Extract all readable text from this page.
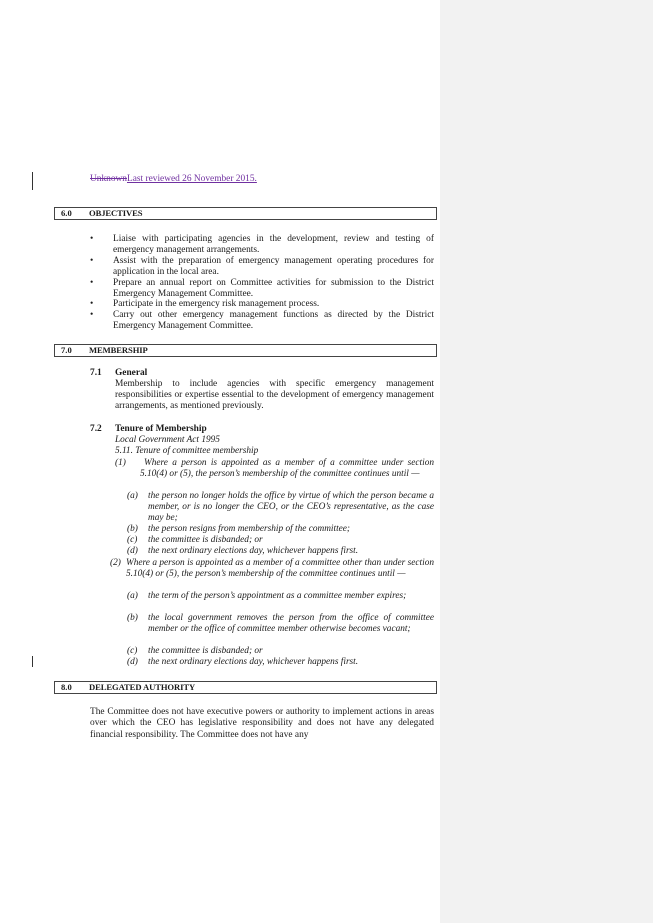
UnknownLast reviewed 26 November 2015.
6.0 OBJECTIVES
• Liaise with participating agencies in the development, review and testing of emergency management arrangements.
• Assist with the preparation of emergency management operating procedures for application in the local area.
• Prepare an annual report on Committee activities for submission to the District Emergency Management Committee.
• Participate in the emergency risk management process.
• Carry out other emergency management functions as directed by the District Emergency Management Committee.
7.0 MEMBERSHIP
7.1 General
Membership to include agencies with specific emergency management responsibilities or expertise essential to the development of emergency management arrangements, as mentioned previously.
7.2 Tenure of Membership
Local Government Act 1995
5.11. Tenure of committee membership
(1)	Where a person is appointed as a member of a committee under section 5.10(4) or (5), the person’s membership of the committee continues until —
(a) the person no longer holds the office by virtue of which the person became a member, or is no longer the CEO, or the CEO’s representative, as the case may be;
(b) the person resigns from membership of the committee;
(c) the committee is disbanded; or
(d) the next ordinary elections day, whichever happens first.
(2) Where a person is appointed as a member of a committee other than under section 5.10(4) or (5), the person’s membership of the committee continues until —
(a) the term of the person’s appointment as a committee member expires;
(b) the local government removes the person from the office of committee member or the office of committee member otherwise becomes vacant;
(c) the committee is disbanded; or
(d) the next ordinary elections day, whichever happens first.
8.0 DELEGATED AUTHORITY
The Committee does not have executive powers or authority to implement actions in areas over which the CEO has legislative responsibility and does not have any delegated financial responsibility. The Committee does not have any
